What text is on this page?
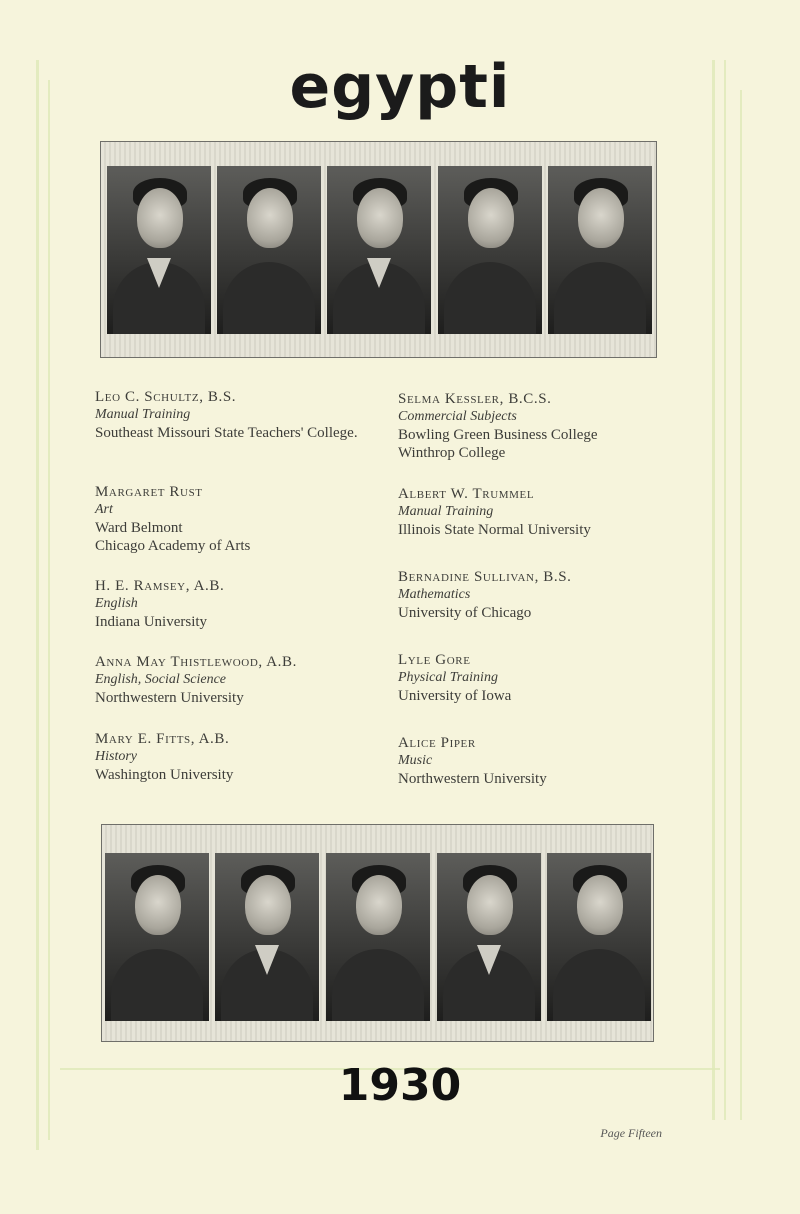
egypti
Leo C. Schultz, B.S.
Manual Training
Southeast Missouri State Teachers' College.
Margaret Rust
Art
Ward Belmont
Chicago Academy of Arts
H. E. Ramsey, A.B.
English
Indiana University
Anna May Thistlewood, A.B.
English, Social Science
Northwestern University
Mary E. Fitts, A.B.
History
Washington University
Selma Kessler, B.C.S.
Commercial Subjects
Bowling Green Business College
Winthrop College
Albert W. Trummel
Manual Training
Illinois State Normal University
Bernadine Sullivan, B.S.
Mathematics
University of Chicago
Lyle Gore
Physical Training
University of Iowa
Alice Piper
Music
Northwestern University
1930
Page Fifteen
